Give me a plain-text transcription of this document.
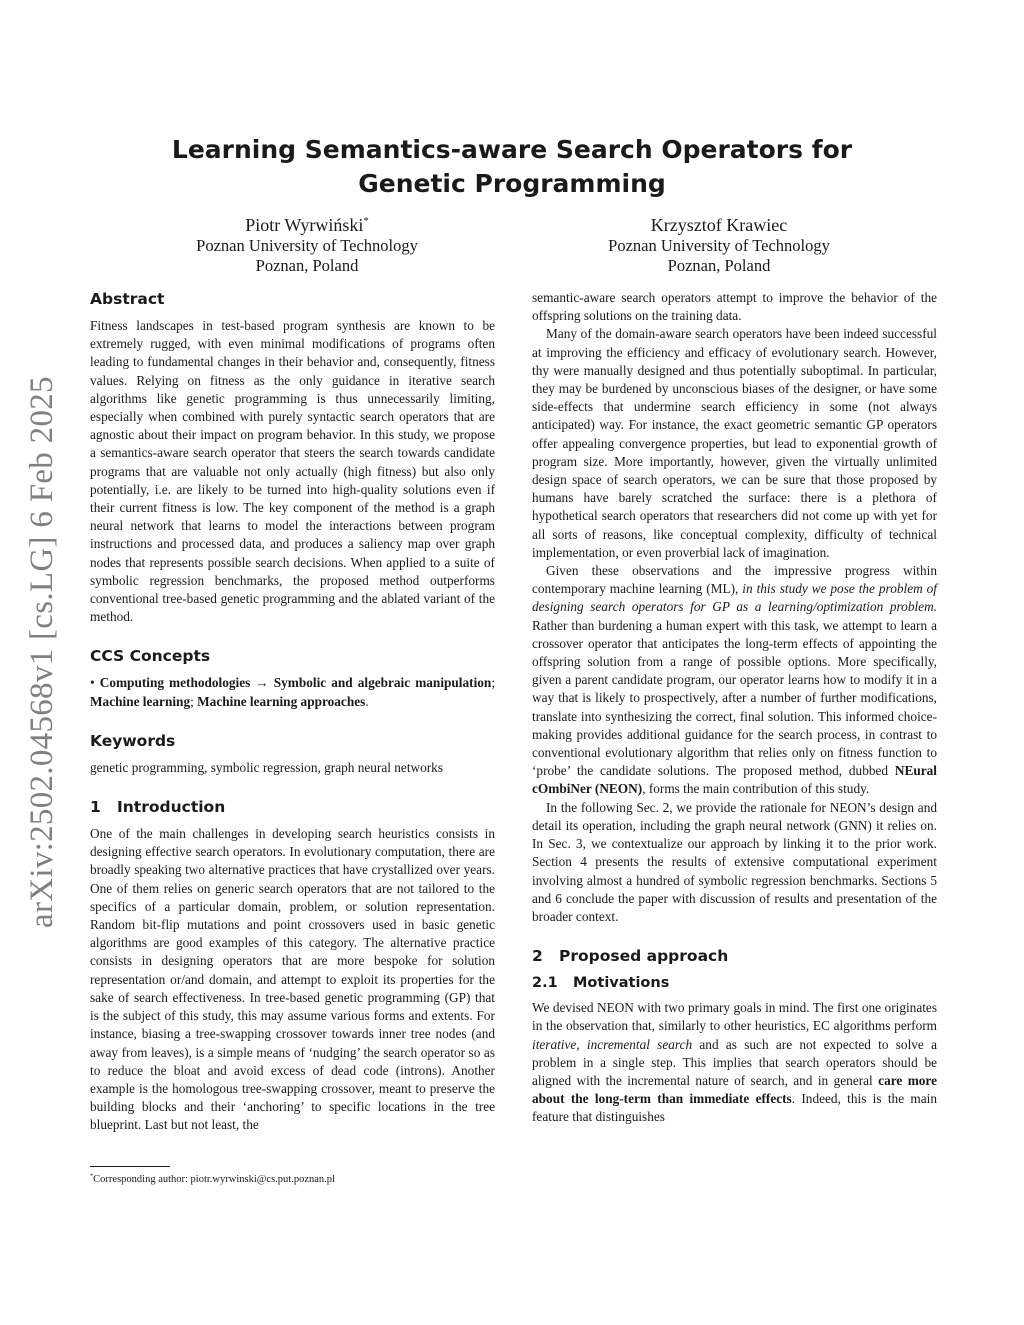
arXiv:2502.04568v1 [cs.LG] 6 Feb 2025
Learning Semantics-aware Search Operators for Genetic Programming
Piotr Wyrwiński*
Poznan University of Technology
Poznan, Poland
Krzysztof Krawiec
Poznan University of Technology
Poznan, Poland
Abstract

Fitness landscapes in test-based program synthesis are known to be extremely rugged, with even minimal modifications of programs often leading to fundamental changes in their behavior and, consequently, fitness values. Relying on fitness as the only guidance in iterative search algorithms like genetic programming is thus unnecessarily limiting, especially when combined with purely syntactic search operators that are agnostic about their impact on program behavior. In this study, we propose a semantics-aware search operator that steers the search towards candidate programs that are valuable not only actually (high fitness) but also only potentially, i.e. are likely to be turned into high-quality solutions even if their current fitness is low. The key component of the method is a graph neural network that learns to model the interactions between program instructions and processed data, and produces a saliency map over graph nodes that represents possible search decisions. When applied to a suite of symbolic regression benchmarks, the proposed method outperforms conventional tree-based genetic programming and the ablated variant of the method.

CCS Concepts

• Computing methodologies → Symbolic and algebraic manipulation; Machine learning; Machine learning approaches.

Keywords

genetic programming, symbolic regression, graph neural networks

1 Introduction

One of the main challenges in developing search heuristics consists in designing effective search operators. In evolutionary computation, there are broadly speaking two alternative practices that have crystallized over years. One of them relies on generic search operators that are not tailored to the specifics of a particular domain, problem, or solution representation. Random bit-flip mutations and point crossovers used in basic genetic algorithms are good examples of this category. The alternative practice consists in designing operators that are more bespoke for solution representation or/and domain, and attempt to exploit its properties for the sake of search effectiveness. In tree-based genetic programming (GP) that is the subject of this study, this may assume various forms and extents. For instance, biasing a tree-swapping crossover towards inner tree nodes (and away from leaves), is a simple means of ‘nudging’ the search operator so as to reduce the bloat and avoid excess of dead code (introns). Another example is the homologous tree-swapping crossover, meant to preserve the building blocks and their ‘anchoring’ to specific locations in the tree blueprint. Last but not least, the

*Corresponding author: piotr.wyrwinski@cs.put.poznan.pl

semantic-aware search operators attempt to improve the behavior of the offspring solutions on the training data.

Many of the domain-aware search operators have been indeed successful at improving the efficiency and efficacy of evolutionary search. However, thy were manually designed and thus potentially suboptimal. In particular, they may be burdened by unconscious biases of the designer, or have some side-effects that undermine search efficiency in some (not always anticipated) way. For instance, the exact geometric semantic GP operators offer appealing convergence properties, but lead to exponential growth of program size. More importantly, however, given the virtually unlimited design space of search operators, we can be sure that those proposed by humans have barely scratched the surface: there is a plethora of hypothetical search operators that researchers did not come up with yet for all sorts of reasons, like conceptual complexity, difficulty of technical implementation, or even proverbial lack of imagination.

Given these observations and the impressive progress within contemporary machine learning (ML), in this study we pose the problem of designing search operators for GP as a learning/optimization problem. Rather than burdening a human expert with this task, we attempt to learn a crossover operator that anticipates the long-term effects of appointing the offspring solution from a range of possible options. More specifically, given a parent candidate program, our operator learns how to modify it in a way that is likely to prospectively, after a number of further modifications, translate into synthesizing the correct, final solution. This informed choice-making provides additional guidance for the search process, in contrast to conventional evolutionary algorithm that relies only on fitness function to ‘probe’ the candidate solutions. The proposed method, dubbed NEural cOmbiNer (NEON), forms the main contribution of this study.

In the following Sec. 2, we provide the rationale for NEON’s design and detail its operation, including the graph neural network (GNN) it relies on. In Sec. 3, we contextualize our approach by linking it to the prior work. Section 4 presents the results of extensive computational experiment involving almost a hundred of symbolic regression benchmarks. Sections 5 and 6 conclude the paper with discussion of results and presentation of the broader context.

2 Proposed approach
2.1 Motivations

We devised NEON with two primary goals in mind. The first one originates in the observation that, similarly to other heuristics, EC algorithms perform iterative, incremental search and as such are not expected to solve a problem in a single step. This implies that search operators should be aligned with the incremental nature of search, and in general care more about the long-term than immediate effects. Indeed, this is the main feature that distinguishes
